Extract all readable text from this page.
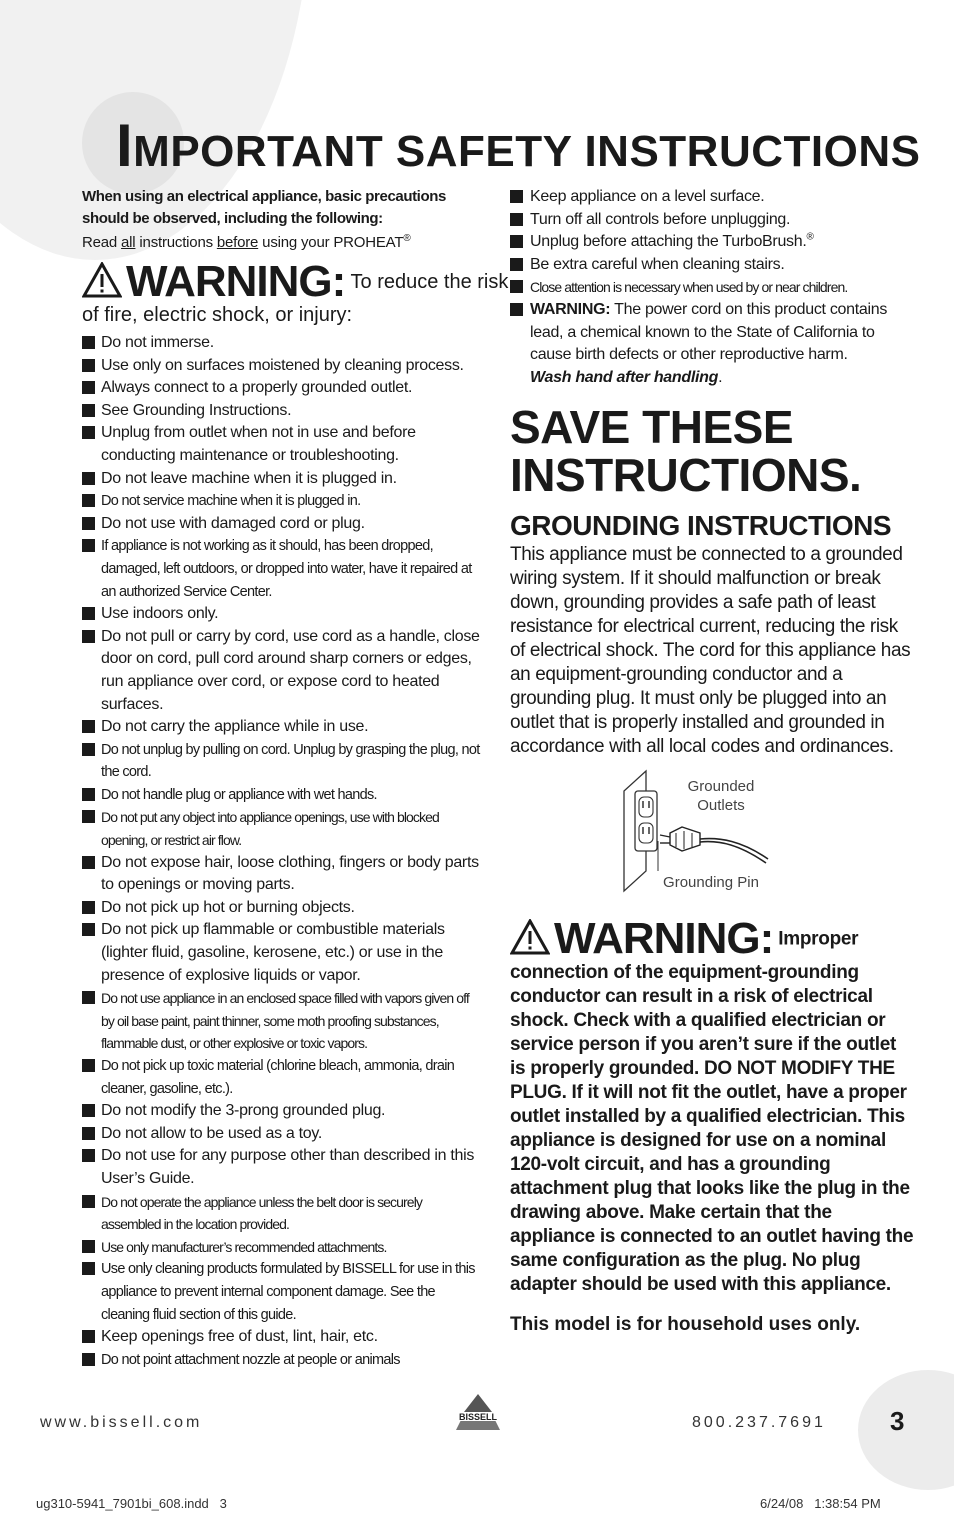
IMPORTANT SAFETY INSTRUCTIONS
When using an electrical appliance, basic precautions should be observed, including the following:
Read all instructions before using your PROHEAT®
WARNING: To reduce the risk
of fire, electric shock, or injury:
Do not immerse.
Use only on surfaces moistened by cleaning process.
Always connect to a properly grounded outlet.
See Grounding Instructions.
Unplug from outlet when not in use and before conducting maintenance or troubleshooting.
Do not leave machine when it is plugged in.
Do not service machine when it is plugged in.
Do not use with damaged cord or plug.
If appliance is not working as it should, has been dropped, damaged, left outdoors, or dropped into water, have it repaired at an authorized Service Center.
Use indoors only.
Do not pull or carry by cord, use cord as a handle, close door on cord, pull cord around sharp corners or edges, run appliance over cord, or expose cord to heated surfaces.
Do not carry the appliance while in use.
Do not unplug by pulling on cord. Unplug by grasping the plug, not the cord.
Do not handle plug or appliance with wet hands.
Do not put any object into appliance openings, use with blocked opening, or restrict air flow.
Do not expose hair, loose clothing, fingers or body parts to openings or moving parts.
Do not pick up hot or burning objects.
Do not pick up flammable or combustible materials (lighter fluid, gasoline, kerosene, etc.) or use in the presence of explosive liquids or vapor.
Do not use appliance in an enclosed space filled with vapors given off by oil base paint, paint thinner, some moth proofing substances, flammable dust, or other explosive or toxic vapors.
Do not pick up toxic material (chlorine bleach, ammonia, drain cleaner, gasoline, etc.).
Do not modify the 3-prong grounded plug.
Do not allow to be used as a toy.
Do not use for any purpose other than described in this User’s Guide.
Do not operate the appliance unless the belt door is securely assembled in the location provided.
Use only manufacturer’s recommended attachments.
Use only cleaning products formulated by BISSELL for use in this appliance to prevent internal component damage. See the cleaning fluid section of this guide.
Keep openings free of dust, lint, hair, etc.
Do not point attachment nozzle at people or animals
Keep appliance on a level surface.
Turn off all controls before unplugging.
Unplug before attaching the TurboBrush.®
Be extra careful when cleaning stairs.
Close attention is necessary when used by or near children.
WARNING: The power cord on this product contains lead, a chemical known to the State of California to cause birth defects or other reproductive harm.
Wash hand after handling.
SAVE THESE
INSTRUCTIONS.
GROUNDING INSTRUCTIONS
This appliance must be connected to a grounded wiring system. If it should malfunction or break down, grounding provides a safe path of least resistance for electrical current, reducing the risk of electrical shock. The cord for this appliance has an equipment-grounding conductor and a grounding plug. It must only be plugged into an outlet that is properly installed and grounded in accordance with all local codes and ordinances.
Grounded
Outlets
Grounding Pin
WARNING: Improper
connection of the equipment-grounding conductor can result in a risk of electrical shock. Check with a qualified electrician or service person if you aren’t sure if the outlet is properly grounded. DO NOT MODIFY THE PLUG. If it will not fit the outlet, have a proper outlet installed by a qualified electrician. This appliance is designed for use on a nominal 120-volt circuit, and has a grounding attachment plug that looks like the plug in the drawing above. Make certain that the appliance is connected to an outlet having the same configuration as the plug. No plug adapter should be used with this appliance.
This model is for household uses only.
www.bissell.com	BISSELL	800.237.7691 3
ug310-5941_7901bi_608.indd   3	6/24/08   1:38:54 PM
